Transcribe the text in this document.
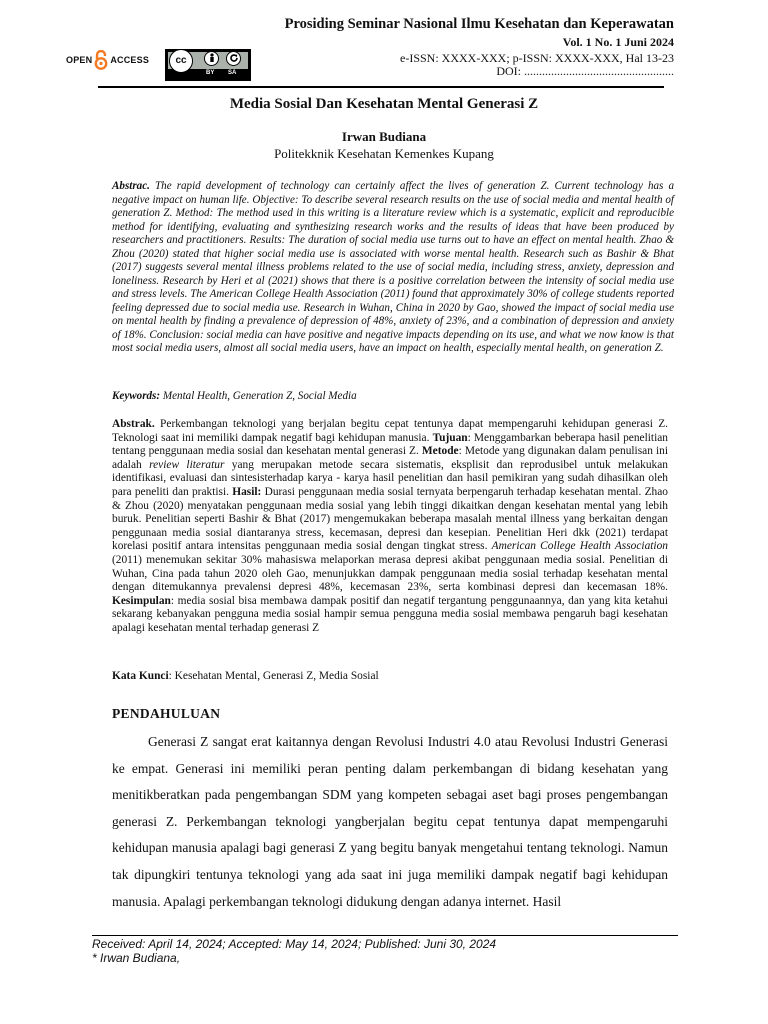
Prosiding Seminar Nasional Ilmu Kesehatan dan Keperawatan
Vol. 1 No. 1 Juni 2024
e-ISSN: XXXX-XXX; p-ISSN: XXXX-XXX, Hal 13-23
DOI: ..................................................
OPEN ACCESS	cc
BY SA
Media Sosial Dan Kesehatan Mental Generasi Z
Irwan Budiana
Politekknik Kesehatan Kemenkes Kupang
Abstrac. The rapid development of technology can certainly affect the lives of generation Z. Current technology has a negative impact on human life. Objective: To describe several research results on the use of social media and mental health of generation Z. Method: The method used in this writing is a literature review which is a systematic, explicit and reproducible method for identifying, evaluating and synthesizing research works and the results of ideas that have been produced by researchers and practitioners. Results: The duration of social media use turns out to have an effect on mental health. Zhao & Zhou (2020) stated that higher social media use is associated with worse mental health. Research such as Bashir & Bhat (2017) suggests several mental illness problems related to the use of social media, including stress, anxiety, depression and loneliness. Research by Heri et al (2021) shows that there is a positive correlation between the intensity of social media use and stress levels. The American College Health Association (2011) found that approximately 30% of college students reported feeling depressed due to social media use. Research in Wuhan, China in 2020 by Gao, showed the impact of social media use on mental health by finding a prevalence of depression of 48%, anxiety of 23%, and a combination of depression and anxiety of 18%. Conclusion: social media can have positive and negative impacts depending on its use, and what we now know is that most social media users, almost all social media users, have an impact on health, especially mental health, on generation Z.
Keywords: Mental Health, Generation Z, Social Media
Abstrak. Perkembangan teknologi yang berjalan begitu cepat tentunya dapat mempengaruhi kehidupan generasi Z. Teknologi saat ini memiliki dampak negatif bagi kehidupan manusia. Tujuan: Menggambarkan beberapa hasil penelitian tentang penggunaan media sosial dan kesehatan mental generasi Z. Metode: Metode yang digunakan dalam penulisan ini adalah review literatur yang merupakan metode secara sistematis, eksplisit dan reprodusibel untuk melakukan identifikasi, evaluasi dan sintesisterhadap karya - karya hasil penelitian dan hasil pemikiran yang sudah dihasilkan oleh para peneliti dan praktisi. Hasil: Durasi penggunaan media sosial ternyata berpengaruh terhadap kesehatan mental. Zhao & Zhou (2020) menyatakan penggunaan media sosial yang lebih tinggi dikaitkan dengan kesehatan mental yang lebih buruk. Penelitian seperti Bashir & Bhat (2017) mengemukakan beberapa masalah mental illness yang berkaitan dengan penggunaan media sosial diantaranya stress, kecemasan, depresi dan kesepian. Penelitian Heri dkk (2021) terdapat korelasi positif antara intensitas penggunaan media sosial dengan tingkat stress. American College Health Association (2011) menemukan sekitar 30% mahasiswa melaporkan merasa depresi akibat penggunaan media sosial. Penelitian di Wuhan, Cina pada tahun 2020 oleh Gao, menunjukkan dampak penggunaan media sosial terhadap kesehatan mental dengan ditemukannya prevalensi depresi 48%, kecemasan 23%, serta kombinasi depresi dan kecemasan 18%. Kesimpulan: media sosial bisa membawa dampak positif dan negatif tergantung penggunaannya, dan yang kita ketahui sekarang kebanyakan pengguna media sosial hampir semua pengguna media sosial membawa pengaruh bagi kesehatan apalagi kesehatan mental terhadap generasi Z
Kata Kunci: Kesehatan Mental, Generasi Z, Media Sosial
PENDAHULUAN
Generasi Z sangat erat kaitannya dengan Revolusi Industri 4.0 atau Revolusi Industri Generasi ke empat. Generasi ini memiliki peran penting dalam perkembangan di bidang kesehatan yang menitikberatkan pada pengembangan SDM yang kompeten sebagai aset bagi proses pengembangan generasi Z. Perkembangan teknologi yangberjalan begitu cepat tentunya dapat mempengaruhi kehidupan manusia apalagi bagi generasi Z yang begitu banyak mengetahui tentang teknologi. Namun tak dipungkiri tentunya teknologi yang ada saat ini juga memiliki dampak negatif bagi kehidupan manusia. Apalagi perkembangan teknologi didukung dengan adanya internet. Hasil
Received: April 14, 2024; Accepted: May 14, 2024; Published: Juni 30, 2024
* Irwan Budiana,
